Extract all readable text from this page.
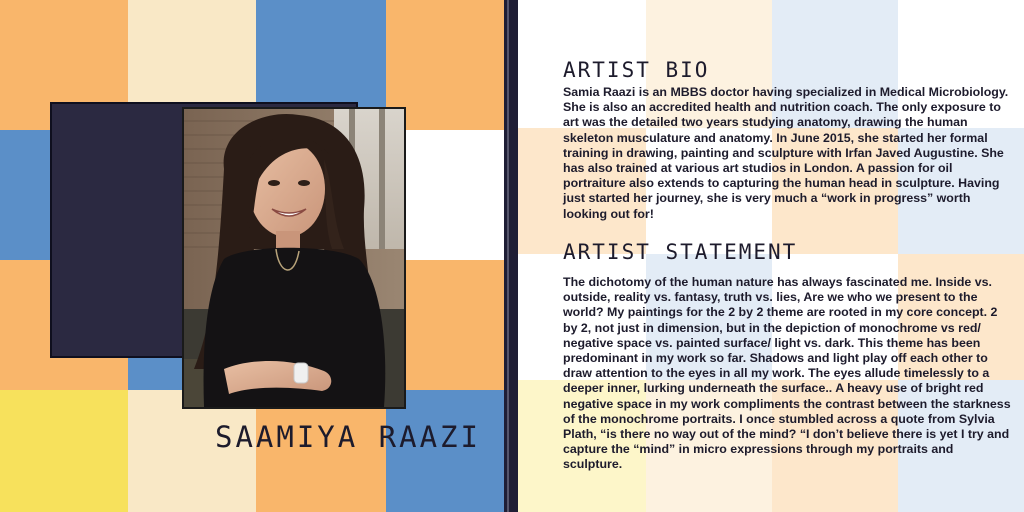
SAAMIYA RAAZI
ARTIST BIO
Samia Raazi is an MBBS doctor having specialized in Medical Microbiology. She is also an accredited health and nutrition coach. The only exposure to art was the detailed two years studying anatomy, drawing the human skeleton musculature and anatomy. In June 2015, she started her formal training in drawing, painting and sculpture with Irfan Javed Augustine. She has also trained at various art studios in London. A passion for oil portraiture also extends to capturing the human head in sculpture. Having just started her journey, she is very much a “work in progress” worth looking out for!
ARTIST STATEMENT
The dichotomy of the human nature has always fascinated me. Inside vs. outside, reality vs. fantasy, truth vs. lies, Are we who we present to the world? My paintings for the 2 by 2 theme are rooted in my core concept. 2 by 2, not just in dimension, but in the depiction of monochrome vs red/ negative space vs. painted surface/ light vs. dark. This theme has been predominant in my work so far. Shadows and light play off each other to draw attention to the eyes in all my work. The eyes allude timelessly to a deeper inner, lurking underneath the surface.. A heavy use of bright red negative space in my work compliments the contrast between the starkness of the monochrome portraits. I once stumbled across a quote from Sylvia Plath, “is there no way out of the mind? “I don’t believe there is yet I try and capture the “mind” in micro expressions through my portraits and sculpture.
